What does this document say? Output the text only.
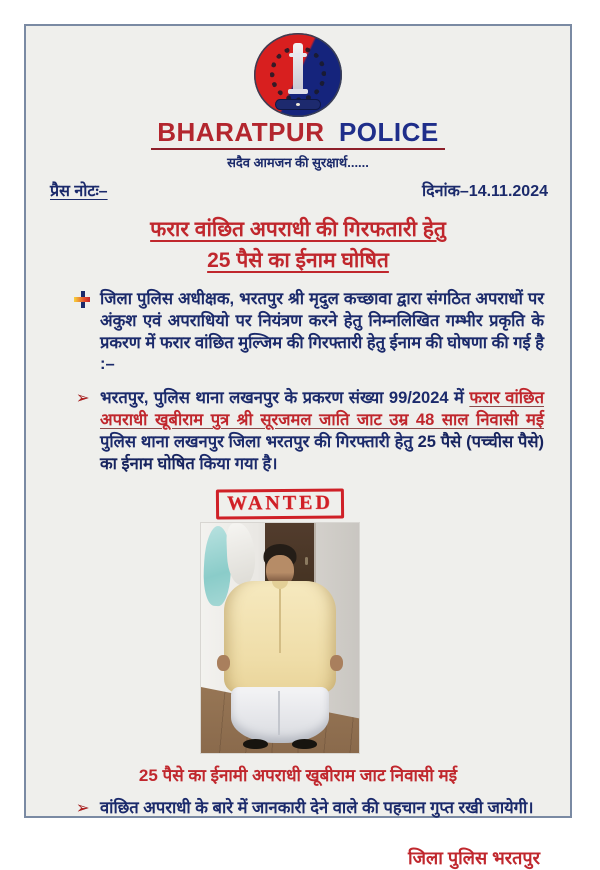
BHARATPUR POLICE
सदैव आमजन की सुरक्षार्थ......
प्रैस नोटः–	दिनांक–14.11.2024
फरार वांछित अपराधी की गिरफतारी हेतु
25 पैसे का ईनाम घोषित
जिला पुलिस अधीक्षक, भरतपुर श्री मृदुल कच्छावा द्वारा संगठित अपराधों पर अंकुश एवं अपराधियो पर नियंत्रण करने हेतु निम्नलिखित गम्भीर प्रकृति के प्रकरण में फरार वांछित मुल्जिम की गिरफ्तारी हेतु ईनाम की घोषणा की गई है :–
➢ भरतपुर, पुलिस थाना लखनपुर के प्रकरण संख्या 99/2024 में फरार वांछित अपराधी खूबीराम पुत्र श्री सूरजमल जाति जाट उम्र 48 साल निवासी मई पुलिस थाना लखनपुर जिला भरतपुर की गिरफ्तारी हेतु 25 पैसे (पच्चीस पैसे) का ईनाम घोषित किया गया है।
WANTED
25 पैसे का ईनामी अपराधी खूबीराम जाट निवासी मई
➢ वांछित अपराधी के बारे में जानकारी देने वाले की पहचान गुप्त रखी जायेगी।
जिला पुलिस भरतपुर
